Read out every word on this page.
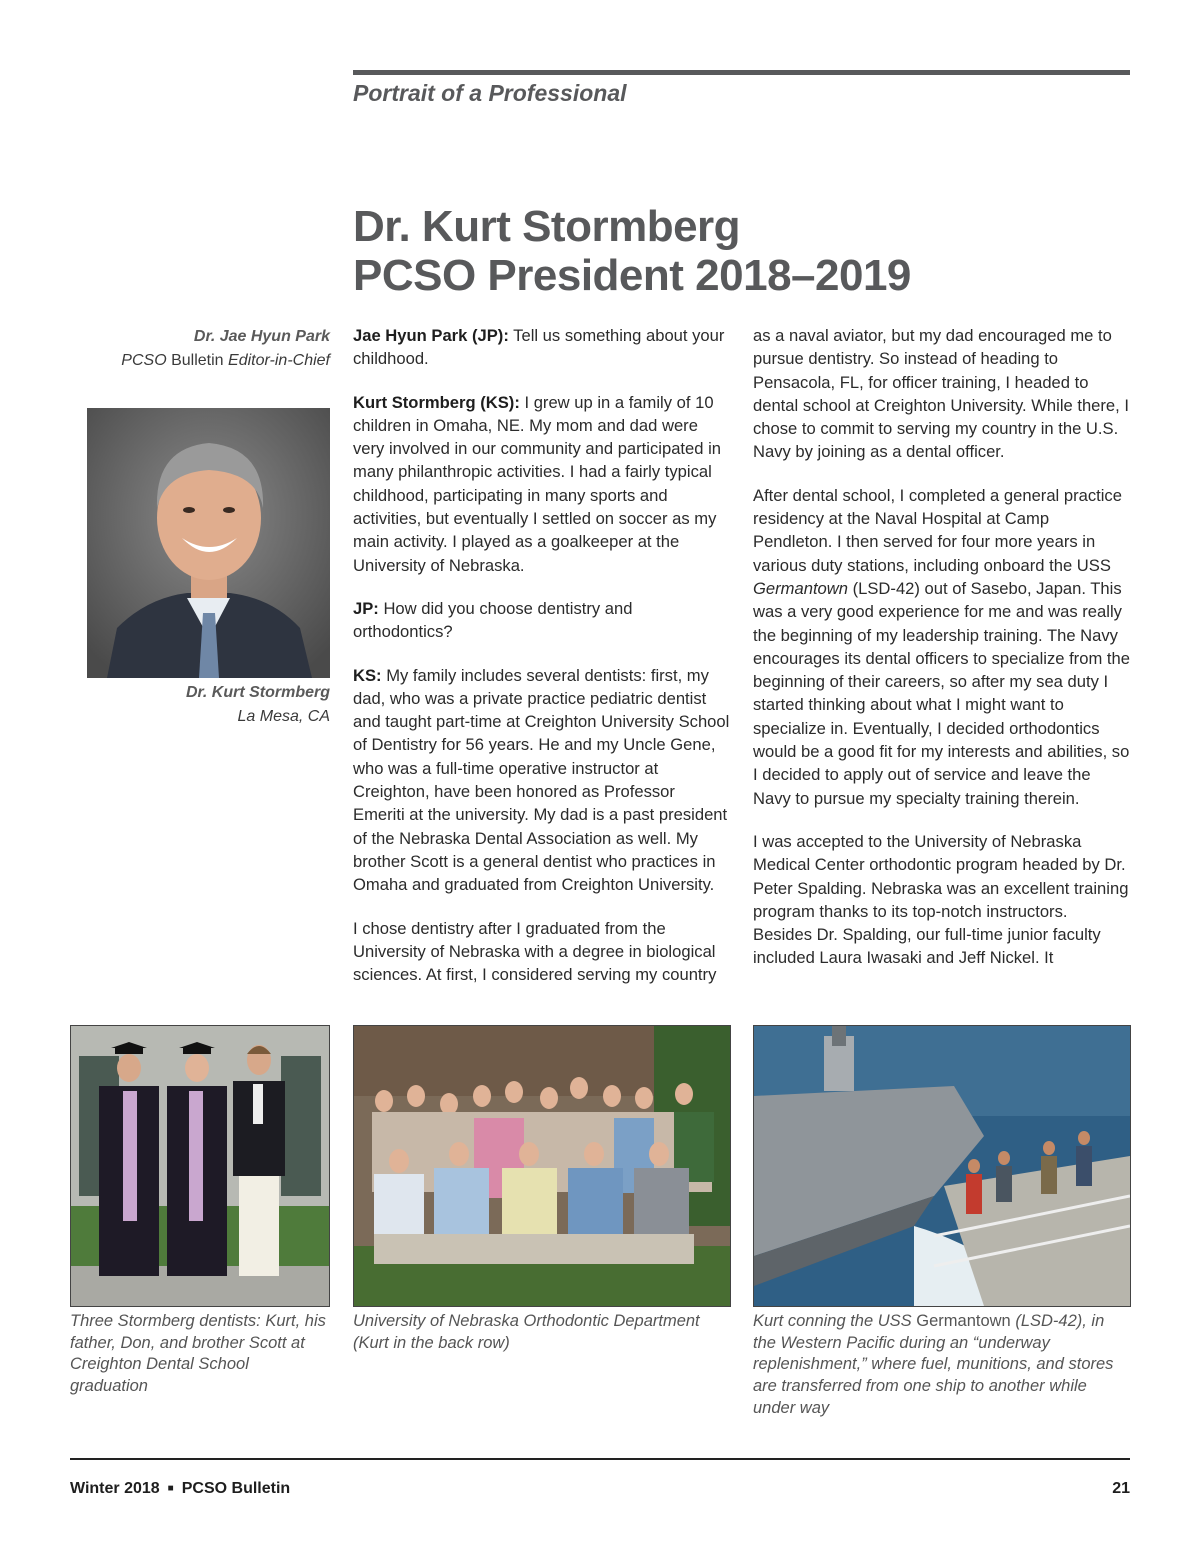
Portrait of a Professional
Dr. Kurt Stormberg
PCSO President 2018–2019
Dr. Jae Hyun Park
PCSO Bulletin Editor-in-Chief
Dr. Kurt Stormberg
La Mesa, CA

Jae Hyun Park (JP): Tell us something about your childhood.

Kurt Stormberg (KS): I grew up in a family of 10 children in Omaha, NE. My mom and dad were very involved in our community and participated in many philanthropic activities. I had a fairly typical childhood, participating in many sports and activities, but eventually I settled on soccer as my main activity. I played as a goalkeeper at the University of Nebraska.

JP: How did you choose dentistry and orthodontics?

KS: My family includes several dentists: first, my dad, who was a private practice pediatric dentist and taught part-time at Creighton University School of Dentistry for 56 years. He and my Uncle Gene, who was a full-time operative instructor at Creighton, have been honored as Professor Emeriti at the university. My dad is a past president of the Nebraska Dental Association as well. My brother Scott is a general dentist who practices in Omaha and graduated from Creighton University.

I chose dentistry after I graduated from the University of Nebraska with a degree in biological sciences. At first, I considered serving my country

as a naval aviator, but my dad encouraged me to pursue dentistry. So instead of heading to Pensacola, FL, for officer training, I headed to dental school at Creighton University. While there, I chose to commit to serving my country in the U.S. Navy by joining as a dental officer.

After dental school, I completed a general practice residency at the Naval Hospital at Camp Pendleton. I then served for four more years in various duty stations, including onboard the USS Germantown (LSD-42) out of Sasebo, Japan. This was a very good experience for me and was really the beginning of my leadership training. The Navy encourages its dental officers to specialize from the beginning of their careers, so after my sea duty I started thinking about what I might want to specialize in. Eventually, I decided orthodontics would be a good fit for my interests and abilities, so I decided to apply out of service and leave the Navy to pursue my specialty training therein.

I was accepted to the University of Nebraska Medical Center orthodontic program headed by Dr. Peter Spalding. Nebraska was an excellent training program thanks to its top-notch instructors. Besides Dr. Spalding, our full-time junior faculty included Laura Iwasaki and Jeff Nickel. It

Three Stormberg dentists: Kurt, his father, Don, and brother Scott at Creighton Dental School graduation
University of Nebraska Orthodontic Department (Kurt in the back row)
Kurt conning the USS Germantown (LSD-42), in the Western Pacific during an “underway replenishment,” where fuel, munitions, and stores are transferred from one ship to another while under way
Winter 2018 ■ PCSO Bulletin	21
